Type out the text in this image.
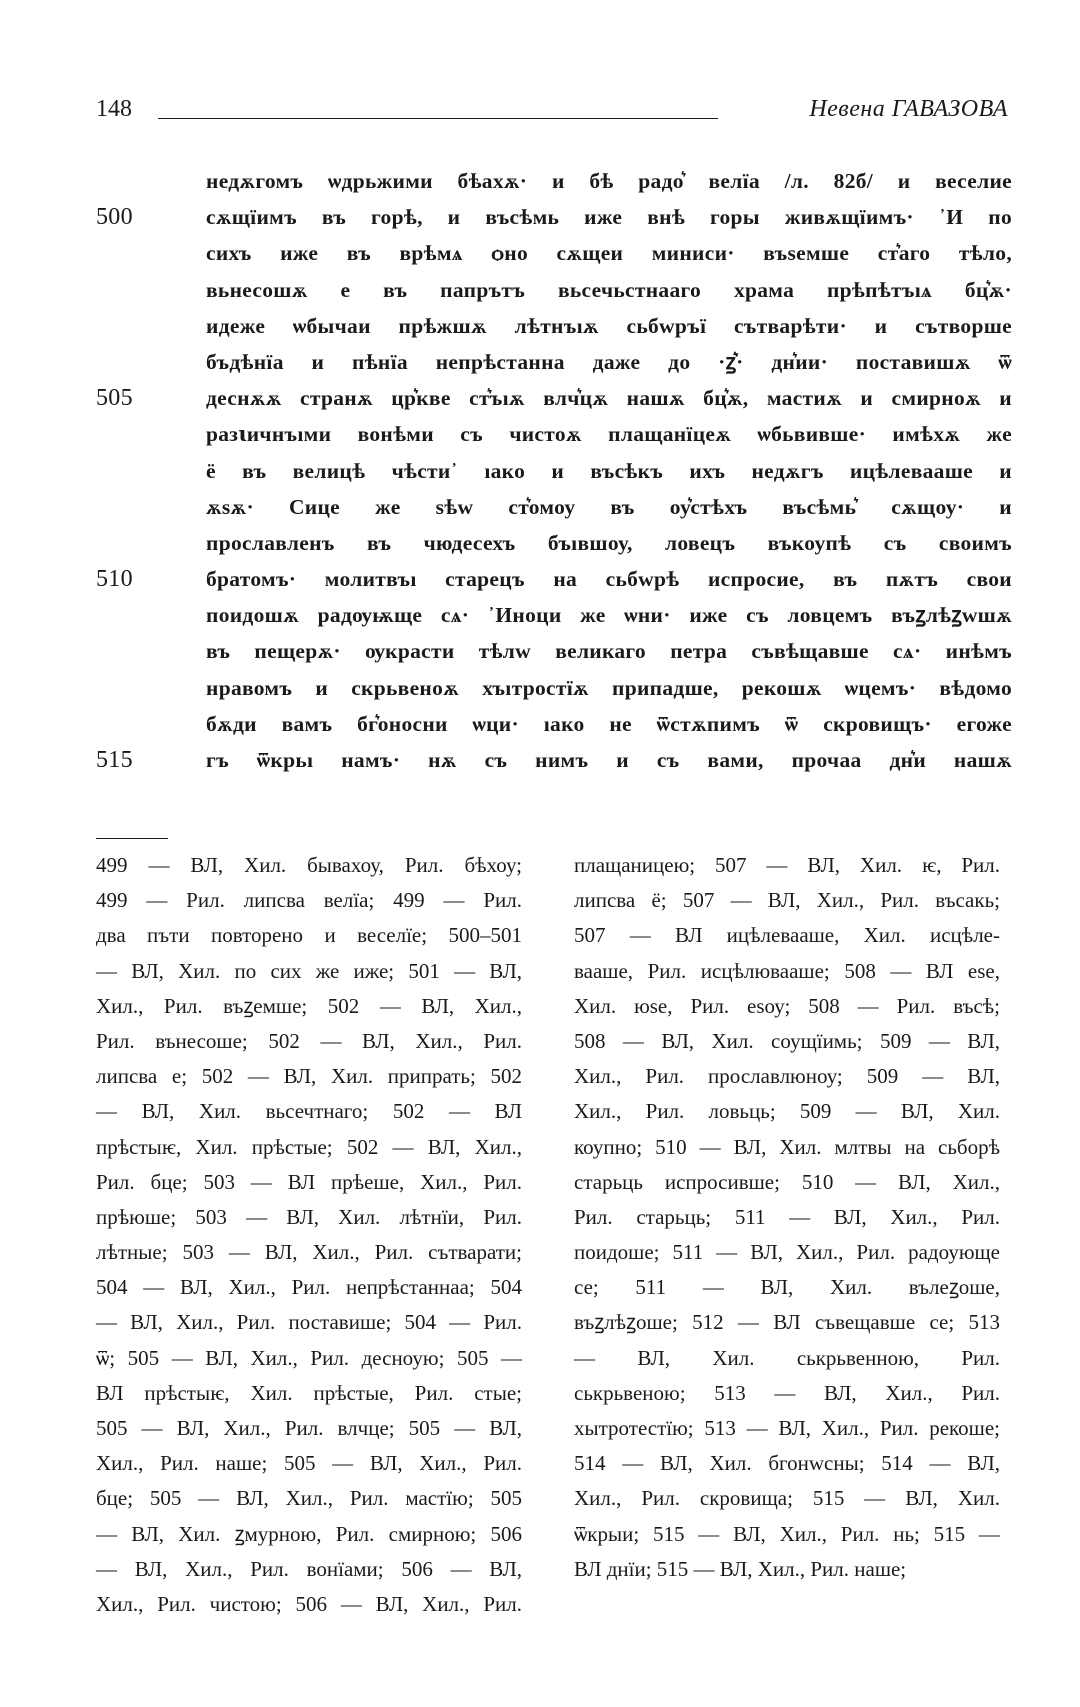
148	Невена ГАВАЗОВА
недѫгомъ ѡдрьжими бѣахѫ· и бѣ радо͛ велїа /л. 82б/ и веселие
500	сѫщїимъ въ горѣ, и въсѣмь иже внѣ горы живѫщїимъ· ᾿И по
сихъ иже въ врѣмѧ ѻно сѫщеи миниси· въѕемше ст͛аго тѣло,
вьнесошѫ е въ папрътъ вьсечьстнааго храма прѣпѣтъıѧ бц͛ѫ·
идеже ѡбычаи прѣжшѫ лѣтнъıѫ сьбwръї сътварѣти· и сътворше
бъдѣнїа и пѣнїа непрѣстанна даже до ·ꙁ͛· дн͛ии· поставишѫ ѿ
505	деснѫѫ странѫ цр͛кве ст͛ъıѫ влч͛цѫ нашѫ бц͛ѫ, мастиѫ и смирноѫ и
разꙇичнъıми вонѣми съ чистоѫ плащанїцеѫ ѡбьвивше· имѣхѫ же
ё въ велицѣ чѣсти᾿ ıако и въсѣкъ ихъ недѫгъ ицѣлевааше и
ѫѕѫ· Сице же ѕѣw ст͛омоу въ оу͛стѣхъ въсѣмь͛ сѫщоу· и
прославленъ въ чюдесехъ бъıвшоу, ловецъ въкоупѣ съ своимъ
510	братомъ· молитвъı старецъ на сьбwрѣ испросие, въ пѫтъ свои
поидошѫ радѹѭще сѧ· ᾿Иноци же ѡни· иже съ ловцемъ въꙁлѣꙁwшѫ
въ пещерѫ· ѹкрасти тѣлw великаго петра съвѣщавше сѧ· инѣмъ
нравомъ и скрьвеноѫ хъıтростїѫ припадше, рекошѫ ѡцемъ· вѣдомо
бѫди вамъ бг͛оносни ѡци· ıако не ѿстѫпимъ ѿ скровищъ· егоже
515	гъ ѿкрьı намъ· нѫ съ нимъ и съ вами, прочаа дн͛и нашѫ
499 — ВЛ, Хил. бывахоу, Рил. бѣхоу;
499 — Рил. липсва велїа; 499 — Рил.
два пъти повторено и веселїе; 500–501
— ВЛ, Хил. по сих же иже; 501 — ВЛ,
Хил., Рил. въꙁемше; 502 — ВЛ, Хил.,
Рил. вънесоше; 502 — ВЛ, Хил., Рил.
липсва е; 502 — ВЛ, Хил. припрать; 502
— ВЛ, Хил. вьсечтнаго; 502 — ВЛ
прѣстыѥ, Хил. прѣстые; 502 — ВЛ, Хил.,
Рил. бце; 503 — ВЛ прѣеше, Хил., Рил.
прѣюше; 503 — ВЛ, Хил. лѣтнїи, Рил.
лѣтные; 503 — ВЛ, Хил., Рил. сътварати;
504 — ВЛ, Хил., Рил. непрѣстаннаа; 504
— ВЛ, Хил., Рил. поставише; 504 — Рил.
ѿ; 505 — ВЛ, Хил., Рил. десноую; 505 —
ВЛ прѣстыѥ, Хил. прѣстые, Рил. стые;
505 — ВЛ, Хил., Рил. влчце; 505 — ВЛ,
Хил., Рил. наше; 505 — ВЛ, Хил., Рил.
бце; 505 — ВЛ, Хил., Рил. мастїю; 505
— ВЛ, Хил. ꙁмурною, Рил. смирною; 506
— ВЛ, Хил., Рил. вонїами; 506 — ВЛ,
Хил., Рил. чистою; 506 — ВЛ, Хил., Рил.
плащаницею; 507 — ВЛ, Хил. ѥ, Рил.
липсва ё; 507 — ВЛ, Хил., Рил. въсакь;
507 — ВЛ ицѣлевааше, Хил. исцѣле-
вааше, Рил. исцѣлювааше; 508 — ВЛ еѕе,
Хил. юѕе, Рил. еѕоу; 508 — Рил. въсѣ;
508 — ВЛ, Хил. соущїимь; 509 — ВЛ,
Хил., Рил. прославлюноу; 509 — ВЛ,
Хил., Рил. ловьць; 509 — ВЛ, Хил.
коупно; 510 — ВЛ, Хил. млтвы на сьборѣ
старьць испросивше; 510 — ВЛ, Хил.,
Рил. старьць; 511 — ВЛ, Хил., Рил.
поидоше; 511 — ВЛ, Хил., Рил. радоующе
се; 511 — ВЛ, Хил. вълеꙁоше,
въꙁлѣꙁоше; 512 — ВЛ съвещавше се; 513
— ВЛ, Хил. ськрьвенною, Рил.
ськрьвеною; 513 — ВЛ, Хил., Рил.
хытротестїю; 513 — ВЛ, Хил., Рил. рекоше;
514 — ВЛ, Хил. бгонwсны; 514 — ВЛ,
Хил., Рил. скровища; 515 — ВЛ, Хил.
ѿкрыи; 515 — ВЛ, Хил., Рил. нь; 515 —
ВЛ днїи; 515 — ВЛ, Хил., Рил. наше;
